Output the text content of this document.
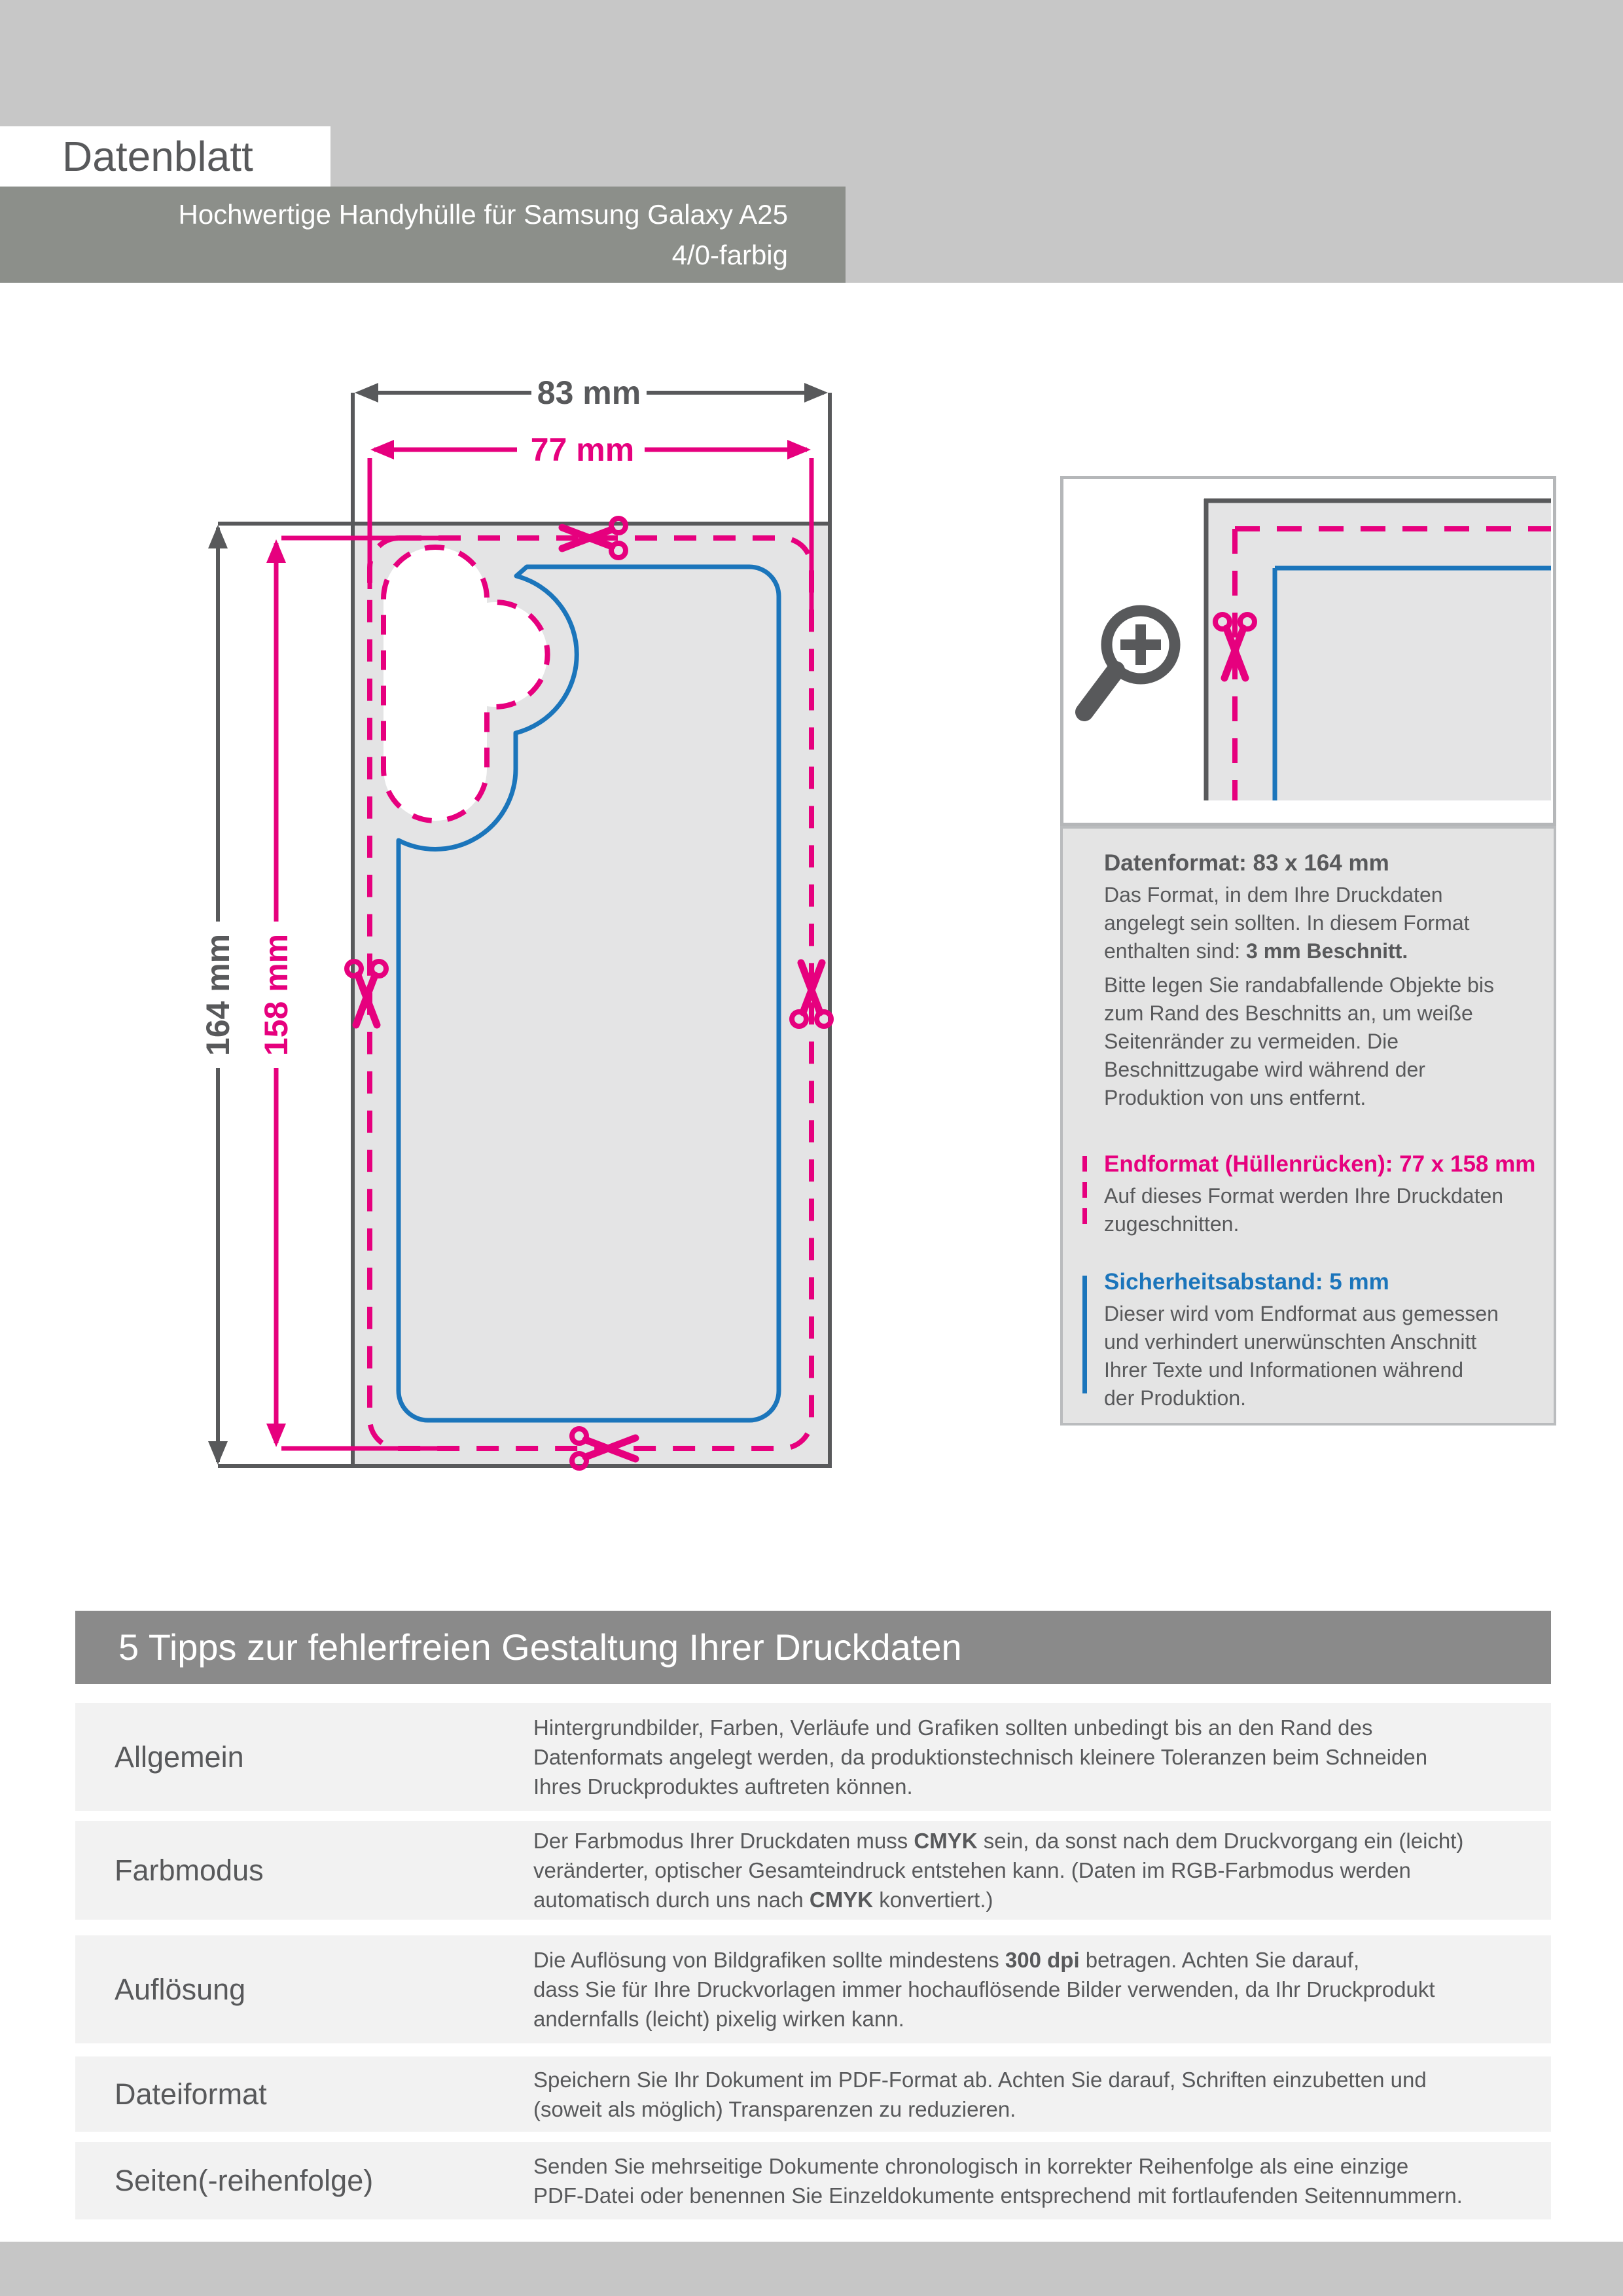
Datenblatt
Hochwertige Handyhülle für Samsung Galaxy A25
4/0-farbig
Datenformat: 83 x 164 mm
Das Format, in dem Ihre Druckdaten
angelegt sein sollten. In diesem Format
enthalten sind: 3 mm Beschnitt.
Bitte legen Sie randabfallende Objekte bis
zum Rand des Beschnitts an, um weiße
Seitenränder zu vermeiden. Die
Beschnittzugabe wird während der
Produktion von uns entfernt.
Endformat (Hüllenrücken): 77 x 158 mm
Auf dieses Format werden Ihre Druckdaten
zugeschnitten.
Sicherheitsabstand: 5 mm
Dieser wird vom Endformat aus gemessen
und verhindert unerwünschten Anschnitt
Ihrer Texte und Informationen während
der Produktion.
5 Tipps zur fehlerfreien Gestaltung Ihrer Druckdaten
Allgemein
Hintergrundbilder, Farben, Verläufe und Grafiken sollten unbedingt bis an den Rand des
Datenformats angelegt werden, da produktionstechnisch kleinere Toleranzen beim Schneiden
Ihres Druckproduktes auftreten können.
Farbmodus
Der Farbmodus Ihrer Druckdaten muss CMYK sein, da sonst nach dem Druckvorgang ein (leicht)
veränderter, optischer Gesamteindruck entstehen kann. (Daten im RGB-Farbmodus werden
automatisch durch uns nach CMYK konvertiert.)
Auflösung
Die Auflösung von Bildgrafiken sollte mindestens 300 dpi betragen. Achten Sie darauf,
dass Sie für Ihre Druckvorlagen immer hochauflösende Bilder verwenden, da Ihr Druckprodukt
andernfalls (leicht) pixelig wirken kann.
Dateiformat	Speichern Sie Ihr Dokument im PDF-Format ab. Achten Sie darauf, Schriften einzubetten und
(soweit als möglich) Transparenzen zu reduzieren.
Seiten(-reihenfolge)	Senden Sie mehrseitige Dokumente chronologisch in korrekter Reihenfolge als eine einzige
PDF-Datei oder benennen Sie Einzeldokumente entsprechend mit fortlaufenden Seitennummern.
83 mm
164 mm
77 mm
158 mm
